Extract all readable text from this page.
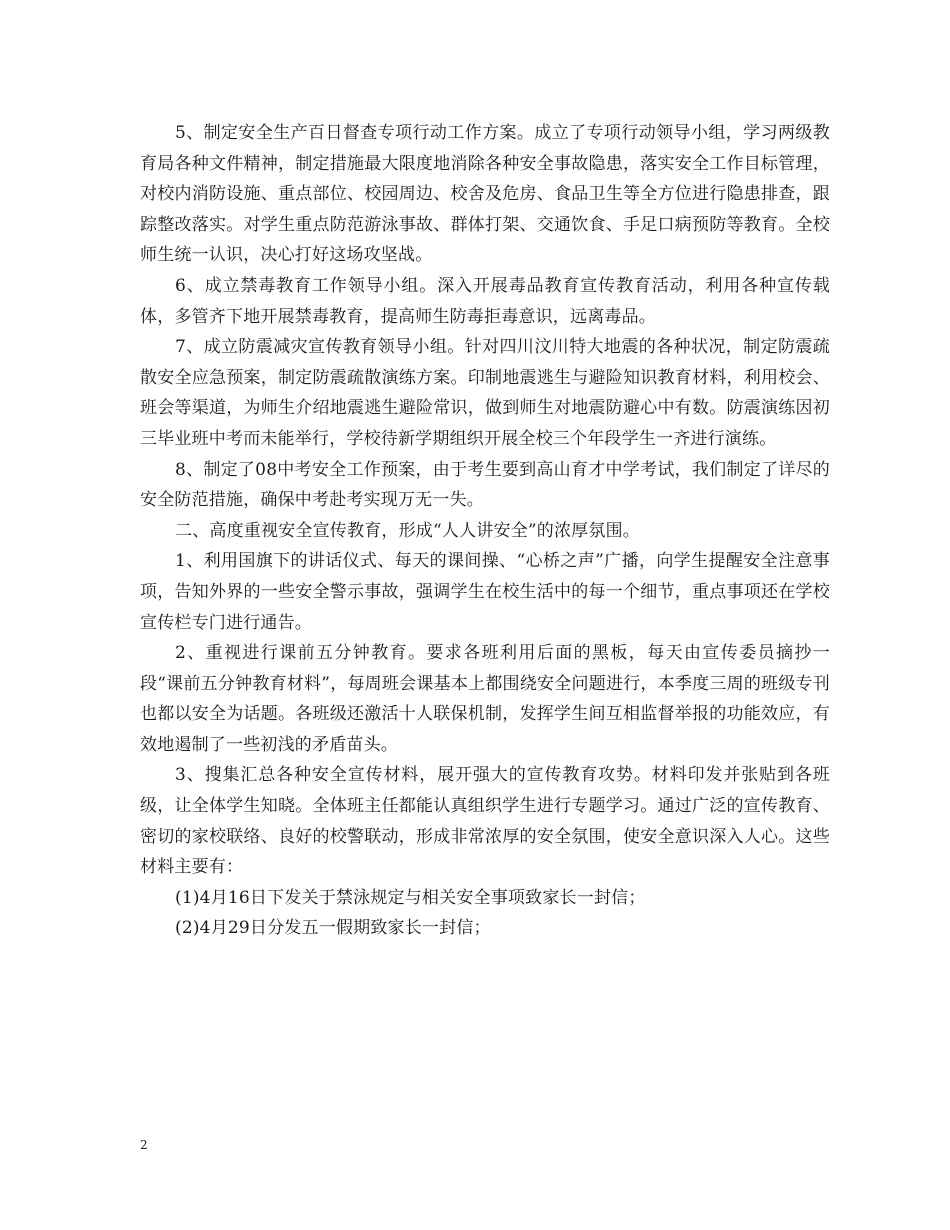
5、制定安全生产百日督查专项行动工作方案。成立了专项行动领导小组，学习两级教育局各种文件精神，制定措施最大限度地消除各种安全事故隐患，落实安全工作目标管理，对校内消防设施、重点部位、校园周边、校舍及危房、食品卫生等全方位进行隐患排查，跟踪整改落实。对学生重点防范游泳事故、群体打架、交通饮食、手足口病预防等教育。全校师生统一认识，决心打好这场攻坚战。

6、成立禁毒教育工作领导小组。深入开展毒品教育宣传教育活动，利用各种宣传载体，多管齐下地开展禁毒教育，提高师生防毒拒毒意识，远离毒品。

7、成立防震减灾宣传教育领导小组。针对四川汶川特大地震的各种状况，制定防震疏散安全应急预案，制定防震疏散演练方案。印制地震逃生与避险知识教育材料，利用校会、班会等渠道，为师生介绍地震逃生避险常识，做到师生对地震防避心中有数。防震演练因初三毕业班中考而未能举行，学校待新学期组织开展全校三个年段学生一齐进行演练。

8、制定了08中考安全工作预案，由于考生要到高山育才中学考试，我们制定了详尽的安全防范措施，确保中考赴考实现万无一失。

二、高度重视安全宣传教育，形成“人人讲安全”的浓厚氛围。

1、利用国旗下的讲话仪式、每天的课间操、“心桥之声”广播，向学生提醒安全注意事项，告知外界的一些安全警示事故，强调学生在校生活中的每一个细节，重点事项还在学校宣传栏专门进行通告。

2、重视进行课前五分钟教育。要求各班利用后面的黑板，每天由宣传委员摘抄一段“课前五分钟教育材料”，每周班会课基本上都围绕安全问题进行，本季度三周的班级专刊也都以安全为话题。各班级还激活十人联保机制，发挥学生间互相监督举报的功能效应，有效地遏制了一些初浅的矛盾苗头。

3、搜集汇总各种安全宣传材料，展开强大的宣传教育攻势。材料印发并张贴到各班级，让全体学生知晓。全体班主任都能认真组织学生进行专题学习。通过广泛的宣传教育、密切的家校联络、良好的校警联动，形成非常浓厚的安全氛围，使安全意识深入人心。这些材料主要有：

(1)4月16日下发关于禁泳规定与相关安全事项致家长一封信；

(2)4月29日分发五一假期致家长一封信；

2
